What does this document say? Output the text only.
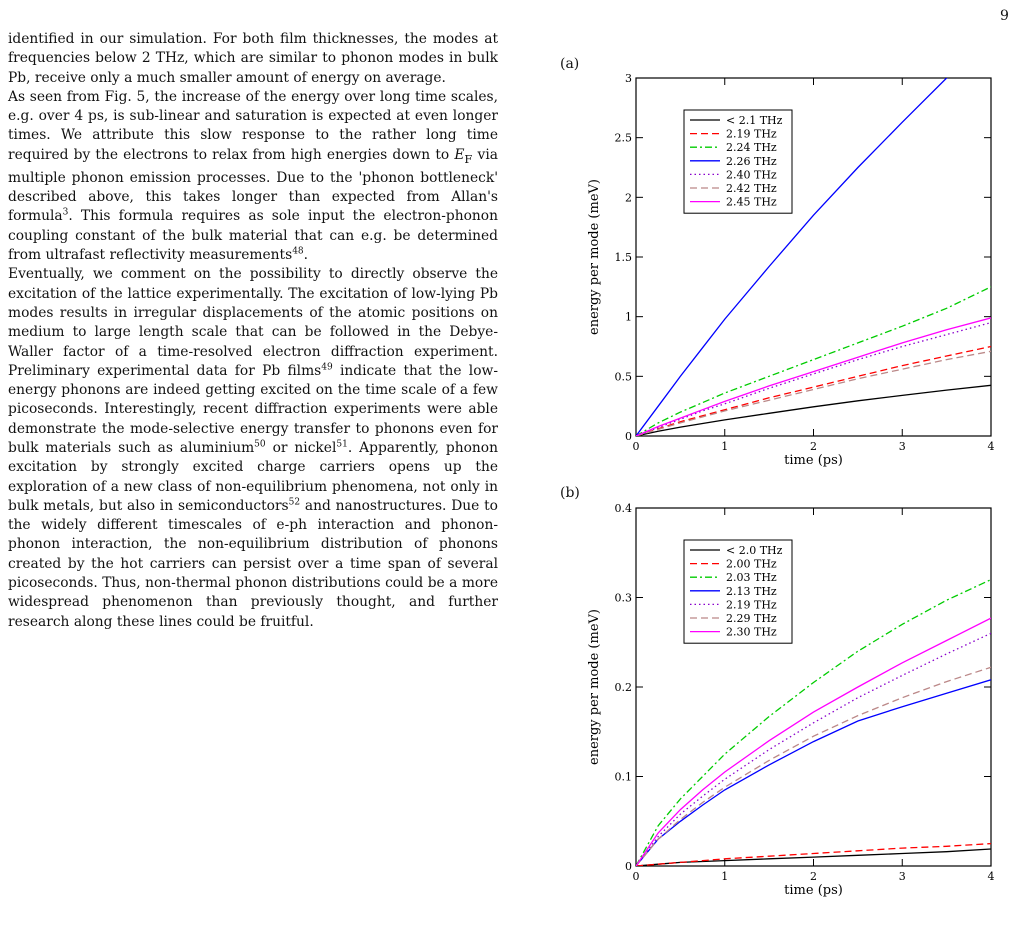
9

identified in our simulation. For both film thicknesses, the modes at frequencies below 2 THz, which are similar to phonon modes in bulk Pb, receive only a much smaller amount of energy on average.

As seen from Fig. 5, the increase of the energy over long time scales, e.g. over 4 ps, is sub-linear and saturation is expected at even longer times. We attribute this slow response to the rather long time required by the electrons to relax from high energies down to $E_F$ via multiple phonon emission processes. Due to the 'phonon bottleneck' described above, this takes longer than expected from Allan's formula$^3$. This formula requires as sole input the electron-phonon coupling constant of the bulk material that can e.g. be determined from ultrafast reflectivity measurements$^{48}$.

Eventually, we comment on the possibility to directly observe the excitation of the lattice experimentally. The excitation of low-lying Pb modes results in irregular displacements of the atomic positions on medium to large length scale that can be followed in the Debye-Waller factor of a time-resolved electron diffraction experiment. Preliminary experimental data for Pb films$^{49}$ indicate that the low-energy phonons are indeed getting excited on the time scale of a few picoseconds. Interestingly, recent diffraction experiments were able demonstrate the mode-selective energy transfer to phonons even for bulk materials such as aluminium$^{50}$ or nickel$^{51}$. Apparently, phonon excitation by strongly excited charge carriers opens up the exploration of a new class of non-equilibrium phenomena, not only in bulk metals, but also in semiconductors$^{52}$ and nanostructures. Due to the widely different timescales of e-ph interaction and phonon-phonon interaction, the non-equilibrium distribution of phonons created by the hot carriers can persist over a time span of several picoseconds. Thus, non-thermal phonon distributions could be a more widespread phenomenon than previously thought, and further research along these lines could be fruitful.

(a)
(b)
0	1	2	3	4
0
0.5
1
1.5
2
2.5
3
time (ps)
energy per mode (meV)
< 2.1 THz
2.19 THz
2.24 THz
2.26 THz
2.40 THz
2.42 THz
2.45 THz
0	1	2	3	4
0
0.1
0.2
0.3
0.4
time (ps)
energy per mode (meV)
< 2.0 THz
2.00 THz
2.03 THz
2.13 THz
2.19 THz
2.29 THz
2.30 THz
